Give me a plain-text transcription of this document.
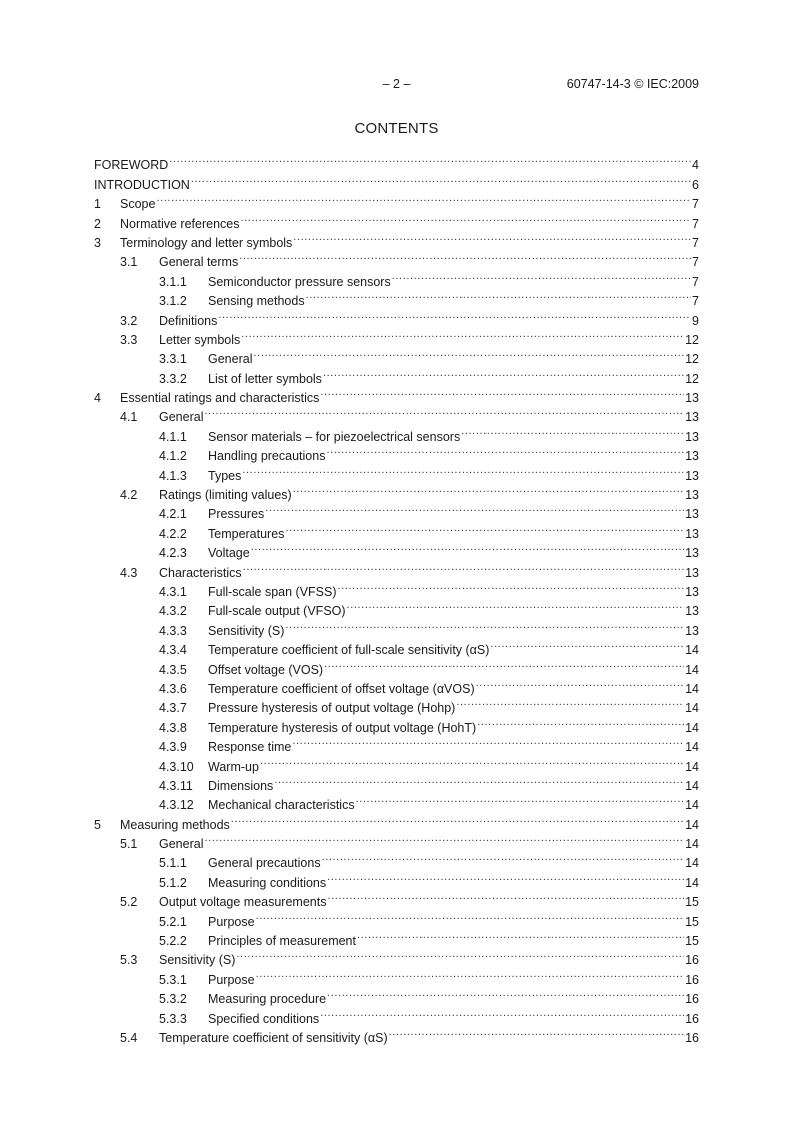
– 2 –	60747-14-3 © IEC:2009
CONTENTS
FOREWORD .....	4
INTRODUCTION .....	6
1	Scope .....	7
2	Normative references .....	7
3	Terminology and letter symbols .....	7
3.1	General terms .....	7
3.1.1	Semiconductor pressure sensors .....	7
3.1.2	Sensing methods .....	7
3.2	Definitions .....	9
3.3	Letter symbols .....	12
3.3.1	General .....	12
3.3.2	List of letter symbols .....	12
4	Essential ratings and characteristics .....	13
4.1	General .....	13
4.1.1	Sensor materials – for piezoelectrical sensors .....	13
4.1.2	Handling precautions .....	13
4.1.3	Types .....	13
4.2	Ratings (limiting values) .....	13
4.2.1	Pressures .....	13
4.2.2	Temperatures .....	13
4.2.3	Voltage .....	13
4.3	Characteristics .....	13
4.3.1	Full-scale span (VFSS) .....	13
4.3.2	Full-scale output (VFSO) .....	13
4.3.3	Sensitivity (S) .....	13
4.3.4	Temperature coefficient of full-scale sensitivity (αS) .....	14
4.3.5	Offset voltage (VOS) .....	14
4.3.6	Temperature coefficient of offset voltage (αVOS) .....	14
4.3.7	Pressure hysteresis of output voltage (Hohp) .....	14
4.3.8	Temperature hysteresis of output voltage (HohT) .....	14
4.3.9	Response time .....	14
4.3.10	Warm-up .....	14
4.3.11	Dimensions .....	14
4.3.12	Mechanical characteristics .....	14
5	Measuring methods .....	14
5.1	General .....	14
5.1.1	General precautions .....	14
5.1.2	Measuring conditions .....	14
5.2	Output voltage measurements .....	15
5.2.1	Purpose .....	15
5.2.2	Principles of measurement .....	15
5.3	Sensitivity (S) .....	16
5.3.1	Purpose .....	16
5.3.2	Measuring procedure .....	16
5.3.3	Specified conditions .....	16
5.4	Temperature coefficient of sensitivity (αS) .....	16
